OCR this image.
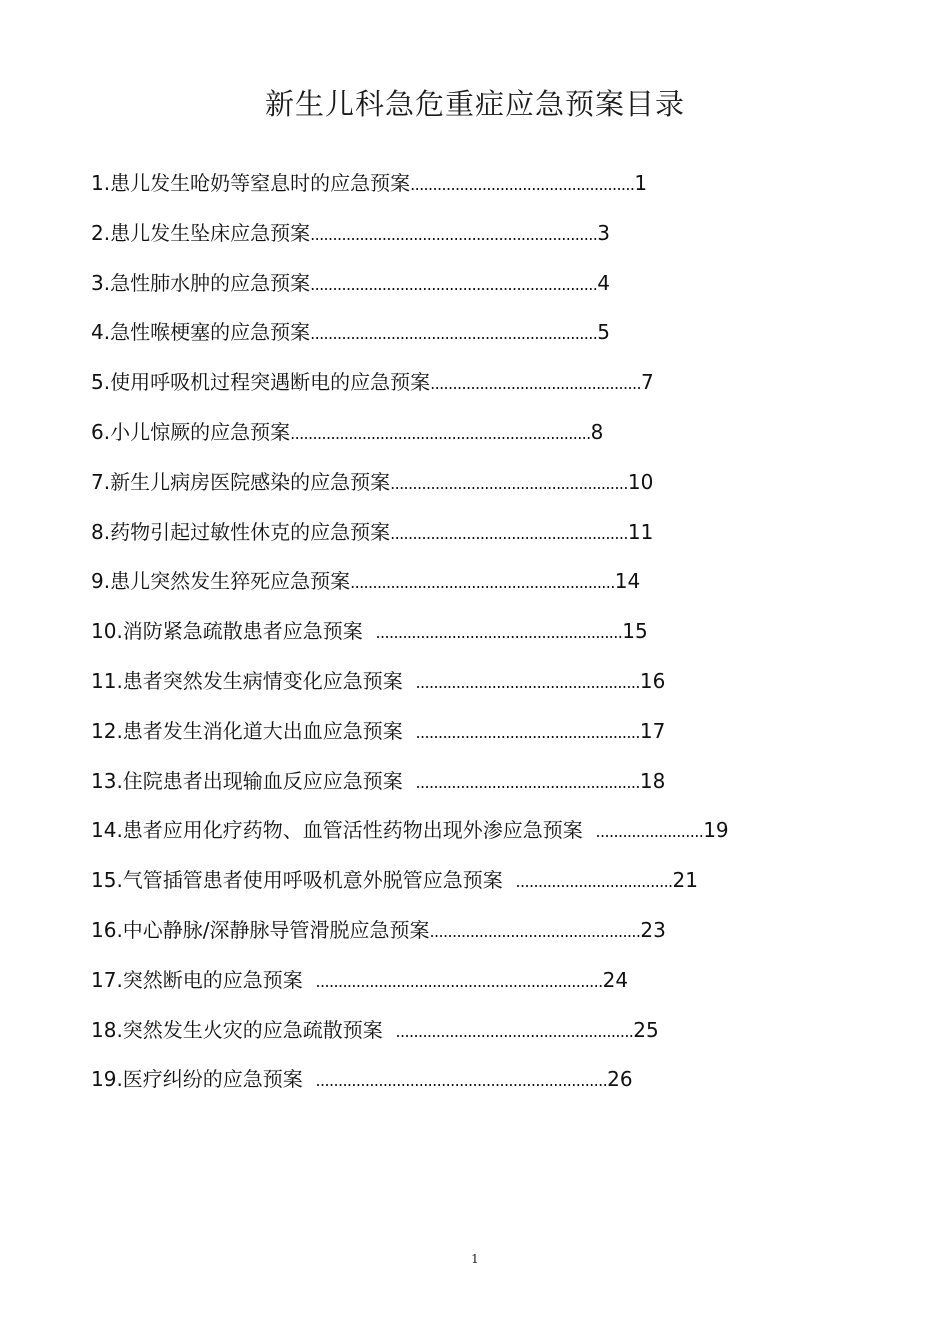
新生儿科急危重症应急预案目录
1.患儿发生呛奶等窒息时的应急预案..................................................1
2.患儿发生坠床应急预案................................................................3
3.急性肺水肿的应急预案................................................................4
4.急性喉梗塞的应急预案................................................................5
5.使用呼吸机过程突遇断电的应急预案...............................................7
6.小儿惊厥的应急预案...................................................................8
7.新生儿病房医院感染的应急预案.....................................................10
8.药物引起过敏性休克的应急预案.....................................................11
9.患儿突然发生猝死应急预案...........................................................14
10.消防紧急疏散患者应急预案  .......................................................15
11.患者突然发生病情变化应急预案  ..................................................16
12.患者发生消化道大出血应急预案  ..................................................17
13.住院患者出现输血反应应急预案  ..................................................18
14.患者应用化疗药物、血管活性药物出现外渗应急预案  ........................19
15.气管插管患者使用呼吸机意外脱管应急预案  ...................................21
16.中心静脉/深静脉导管滑脱应急预案...............................................23
17.突然断电的应急预案  ................................................................24
18.突然发生火灾的应急疏散预案  .....................................................25
19.医疗纠纷的应急预案  .................................................................26
1
